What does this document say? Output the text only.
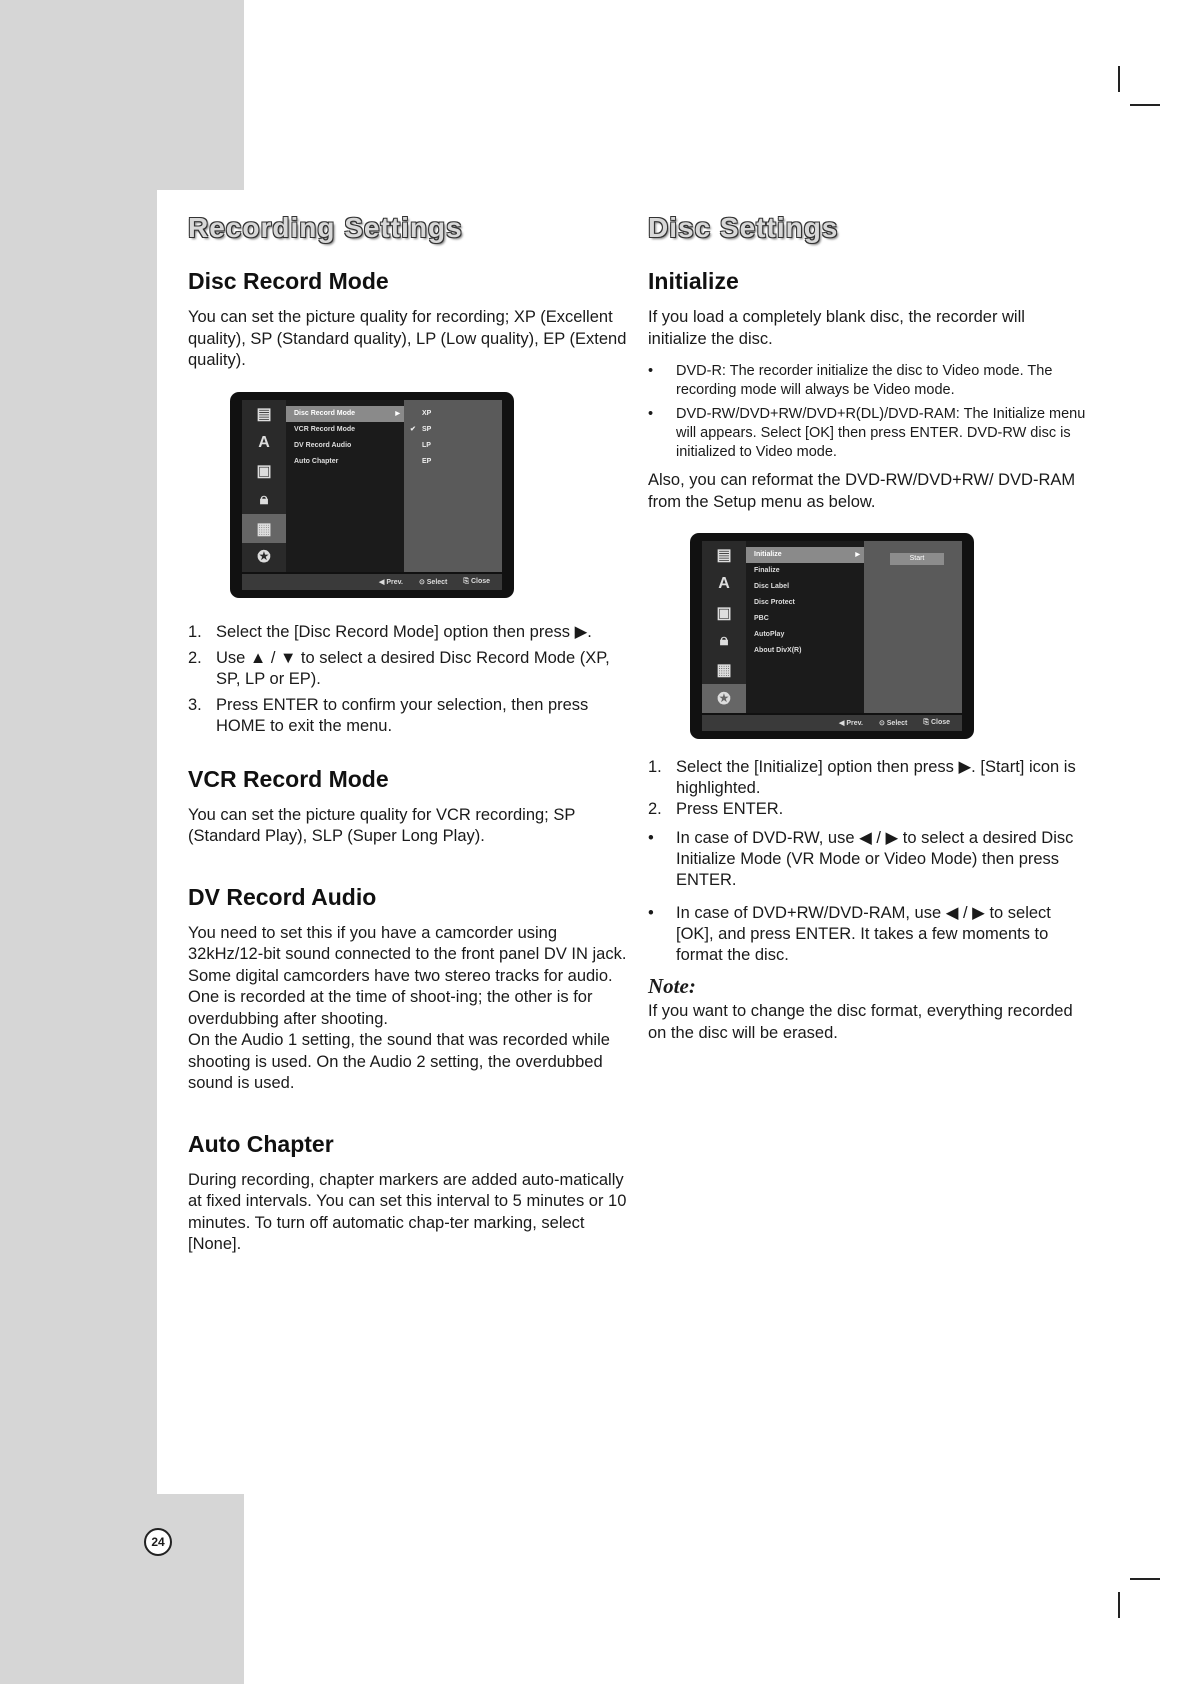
Recording Settings
Disc Record Mode

You can set the picture quality for recording; XP (Excellent quality), SP (Standard quality), LP (Low quality), EP (Extend quality).

▤
A
▣
🔒︎
▦
✪
Disc Record Mode ▶
VCR Record Mode
DV Record Audio
Auto Chapter
XP
✔ SP
LP
EP
◀ Prev. ⊙ Select ⎘ Close
1. Select the [Disc Record Mode] option then press ▶.
2. Use ▲ / ▼ to select a desired Disc Record Mode (XP, SP, LP or EP).
3. Press ENTER to confirm your selection, then press HOME to exit the menu.
VCR Record Mode

You can set the picture quality for VCR recording; SP (Standard Play), SLP (Super Long Play).

DV Record Audio

You need to set this if you have a camcorder using 32kHz/12-bit sound connected to the front panel DV IN jack. Some digital camcorders have two stereo tracks for audio. One is recorded at the time of shoot-ing; the other is for overdubbing after shooting.
On the Audio 1 setting, the sound that was recorded while shooting is used. On the Audio 2 setting, the overdubbed sound is used.

Auto Chapter

During recording, chapter markers are added auto-matically at fixed intervals. You can set this interval to 5 minutes or 10 minutes. To turn off automatic chap-ter marking, select [None].

Disc Settings
Initialize

If you load a completely blank disc, the recorder will initialize the disc.

•	DVD-R: The recorder initialize the disc to Video mode. The recording mode will always be Video mode.
•	DVD-RW/DVD+RW/DVD+R(DL)/DVD-RAM: The Initialize menu will appears. Select [OK] then press ENTER. DVD-RW disc is initialized to Video mode.

Also, you can reformat the DVD-RW/DVD+RW/ DVD-RAM from the Setup menu as below.

▤
A
▣
🔒︎
▦
✪
Initialize ▶
Finalize
Disc Label
Disc Protect
PBC
AutoPlay
About DivX(R)
Start
◀ Prev. ⊙ Select ⎘ Close
1. Select the [Initialize] option then press ▶. [Start] icon is highlighted.
2. Press ENTER.
•	In case of DVD-RW, use ◀ / ▶ to select a desired Disc Initialize Mode (VR Mode or Video Mode) then press ENTER.
•	In case of DVD+RW/DVD-RAM, use ◀ / ▶ to select [OK], and press ENTER. It takes a few moments to format the disc.
Note:

If you want to change the disc format, everything recorded on the disc will be erased.

24
